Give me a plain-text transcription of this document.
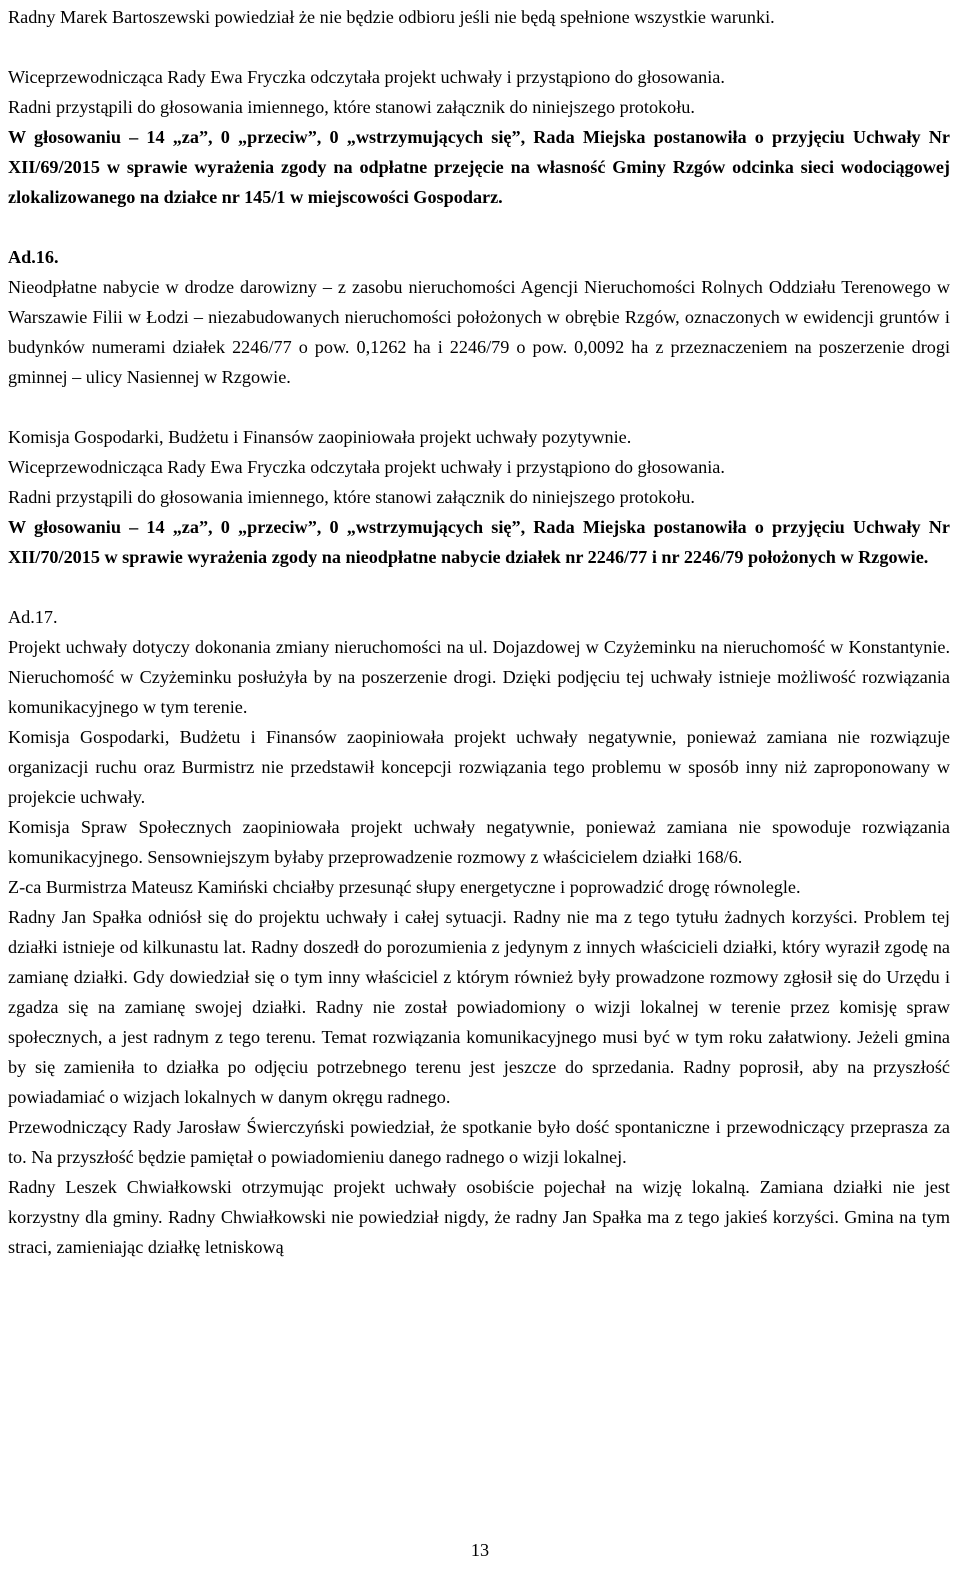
Radny Marek Bartoszewski powiedział że nie będzie odbioru jeśli nie będą spełnione wszystkie warunki.

Wiceprzewodnicząca Rady Ewa Fryczka odczytała projekt uchwały i przystąpiono do głosowania.

Radni przystąpili do głosowania imiennego, które stanowi załącznik do niniejszego protokołu.

W głosowaniu – 14 „za”, 0 „przeciw”, 0 „wstrzymujących się”, Rada Miejska postanowiła o przyjęciu Uchwały Nr XII/69/2015 w sprawie wyrażenia zgody na odpłatne przejęcie na własność Gminy Rzgów odcinka sieci wodociągowej zlokalizowanego na działce nr 145/1 w miejscowości Gospodarz.

Ad.16.

Nieodpłatne nabycie w drodze darowizny – z zasobu nieruchomości Agencji Nieruchomości Rolnych Oddziału Terenowego w Warszawie Filii w Łodzi – niezabudowanych nieruchomości położonych w obrębie Rzgów, oznaczonych w ewidencji gruntów i budynków numerami działek 2246/77 o pow. 0,1262 ha i 2246/79 o pow. 0,0092 ha z przeznaczeniem na poszerzenie drogi gminnej – ulicy Nasiennej w Rzgowie.

Komisja Gospodarki, Budżetu i Finansów zaopiniowała projekt uchwały pozytywnie.

Wiceprzewodnicząca Rady Ewa Fryczka odczytała projekt uchwały i przystąpiono do głosowania.

Radni przystąpili do głosowania imiennego, które stanowi załącznik do niniejszego protokołu.

W głosowaniu – 14 „za”, 0 „przeciw”, 0 „wstrzymujących się”, Rada Miejska postanowiła o przyjęciu Uchwały Nr XII/70/2015 w sprawie wyrażenia zgody na nieodpłatne nabycie działek nr 2246/77 i nr 2246/79 położonych w Rzgowie.

Ad.17.

Projekt uchwały dotyczy dokonania zmiany nieruchomości na ul. Dojazdowej w Czyżeminku na nieruchomość w Konstantynie. Nieruchomość w Czyżeminku posłużyła by na poszerzenie drogi. Dzięki podjęciu tej uchwały istnieje możliwość rozwiązania komunikacyjnego w tym terenie.

Komisja Gospodarki, Budżetu i Finansów zaopiniowała projekt uchwały negatywnie, ponieważ zamiana nie rozwiązuje organizacji ruchu oraz Burmistrz nie przedstawił koncepcji rozwiązania tego problemu w sposób inny niż zaproponowany w projekcie uchwały.

Komisja Spraw Społecznych zaopiniowała projekt uchwały negatywnie, ponieważ zamiana nie spowoduje rozwiązania komunikacyjnego. Sensowniejszym byłaby przeprowadzenie rozmowy z właścicielem działki 168/6.

Z-ca Burmistrza Mateusz Kamiński chciałby przesunąć słupy energetyczne i poprowadzić drogę równolegle.

Radny Jan Spałka odniósł się do projektu uchwały i całej sytuacji. Radny nie ma z tego tytułu żadnych korzyści. Problem tej działki istnieje od kilkunastu lat. Radny doszedł do porozumienia z jedynym z innych właścicieli działki, który wyraził zgodę na zamianę działki. Gdy dowiedział się o tym inny właściciel z którym również były prowadzone rozmowy zgłosił się do Urzędu i zgadza się na zamianę swojej działki. Radny nie został powiadomiony o wizji lokalnej w terenie przez komisję spraw społecznych, a jest radnym z tego terenu. Temat rozwiązania komunikacyjnego musi być w tym roku załatwiony. Jeżeli gmina by się zamieniła to działka po odjęciu potrzebnego terenu jest jeszcze do sprzedania. Radny poprosił, aby na przyszłość powiadamiać o wizjach lokalnych w danym okręgu radnego.

Przewodniczący Rady Jarosław Świerczyński powiedział, że spotkanie było dość spontaniczne i przewodniczący przeprasza za to. Na przyszłość będzie pamiętał o powiadomieniu danego radnego o wizji lokalnej.

Radny Leszek Chwiałkowski otrzymując projekt uchwały osobiście pojechał na wizję lokalną. Zamiana działki nie jest korzystny dla gminy. Radny Chwiałkowski nie powiedział nigdy, że radny Jan Spałka ma z tego jakieś korzyści. Gmina na tym straci, zamieniając działkę letniskową

13
